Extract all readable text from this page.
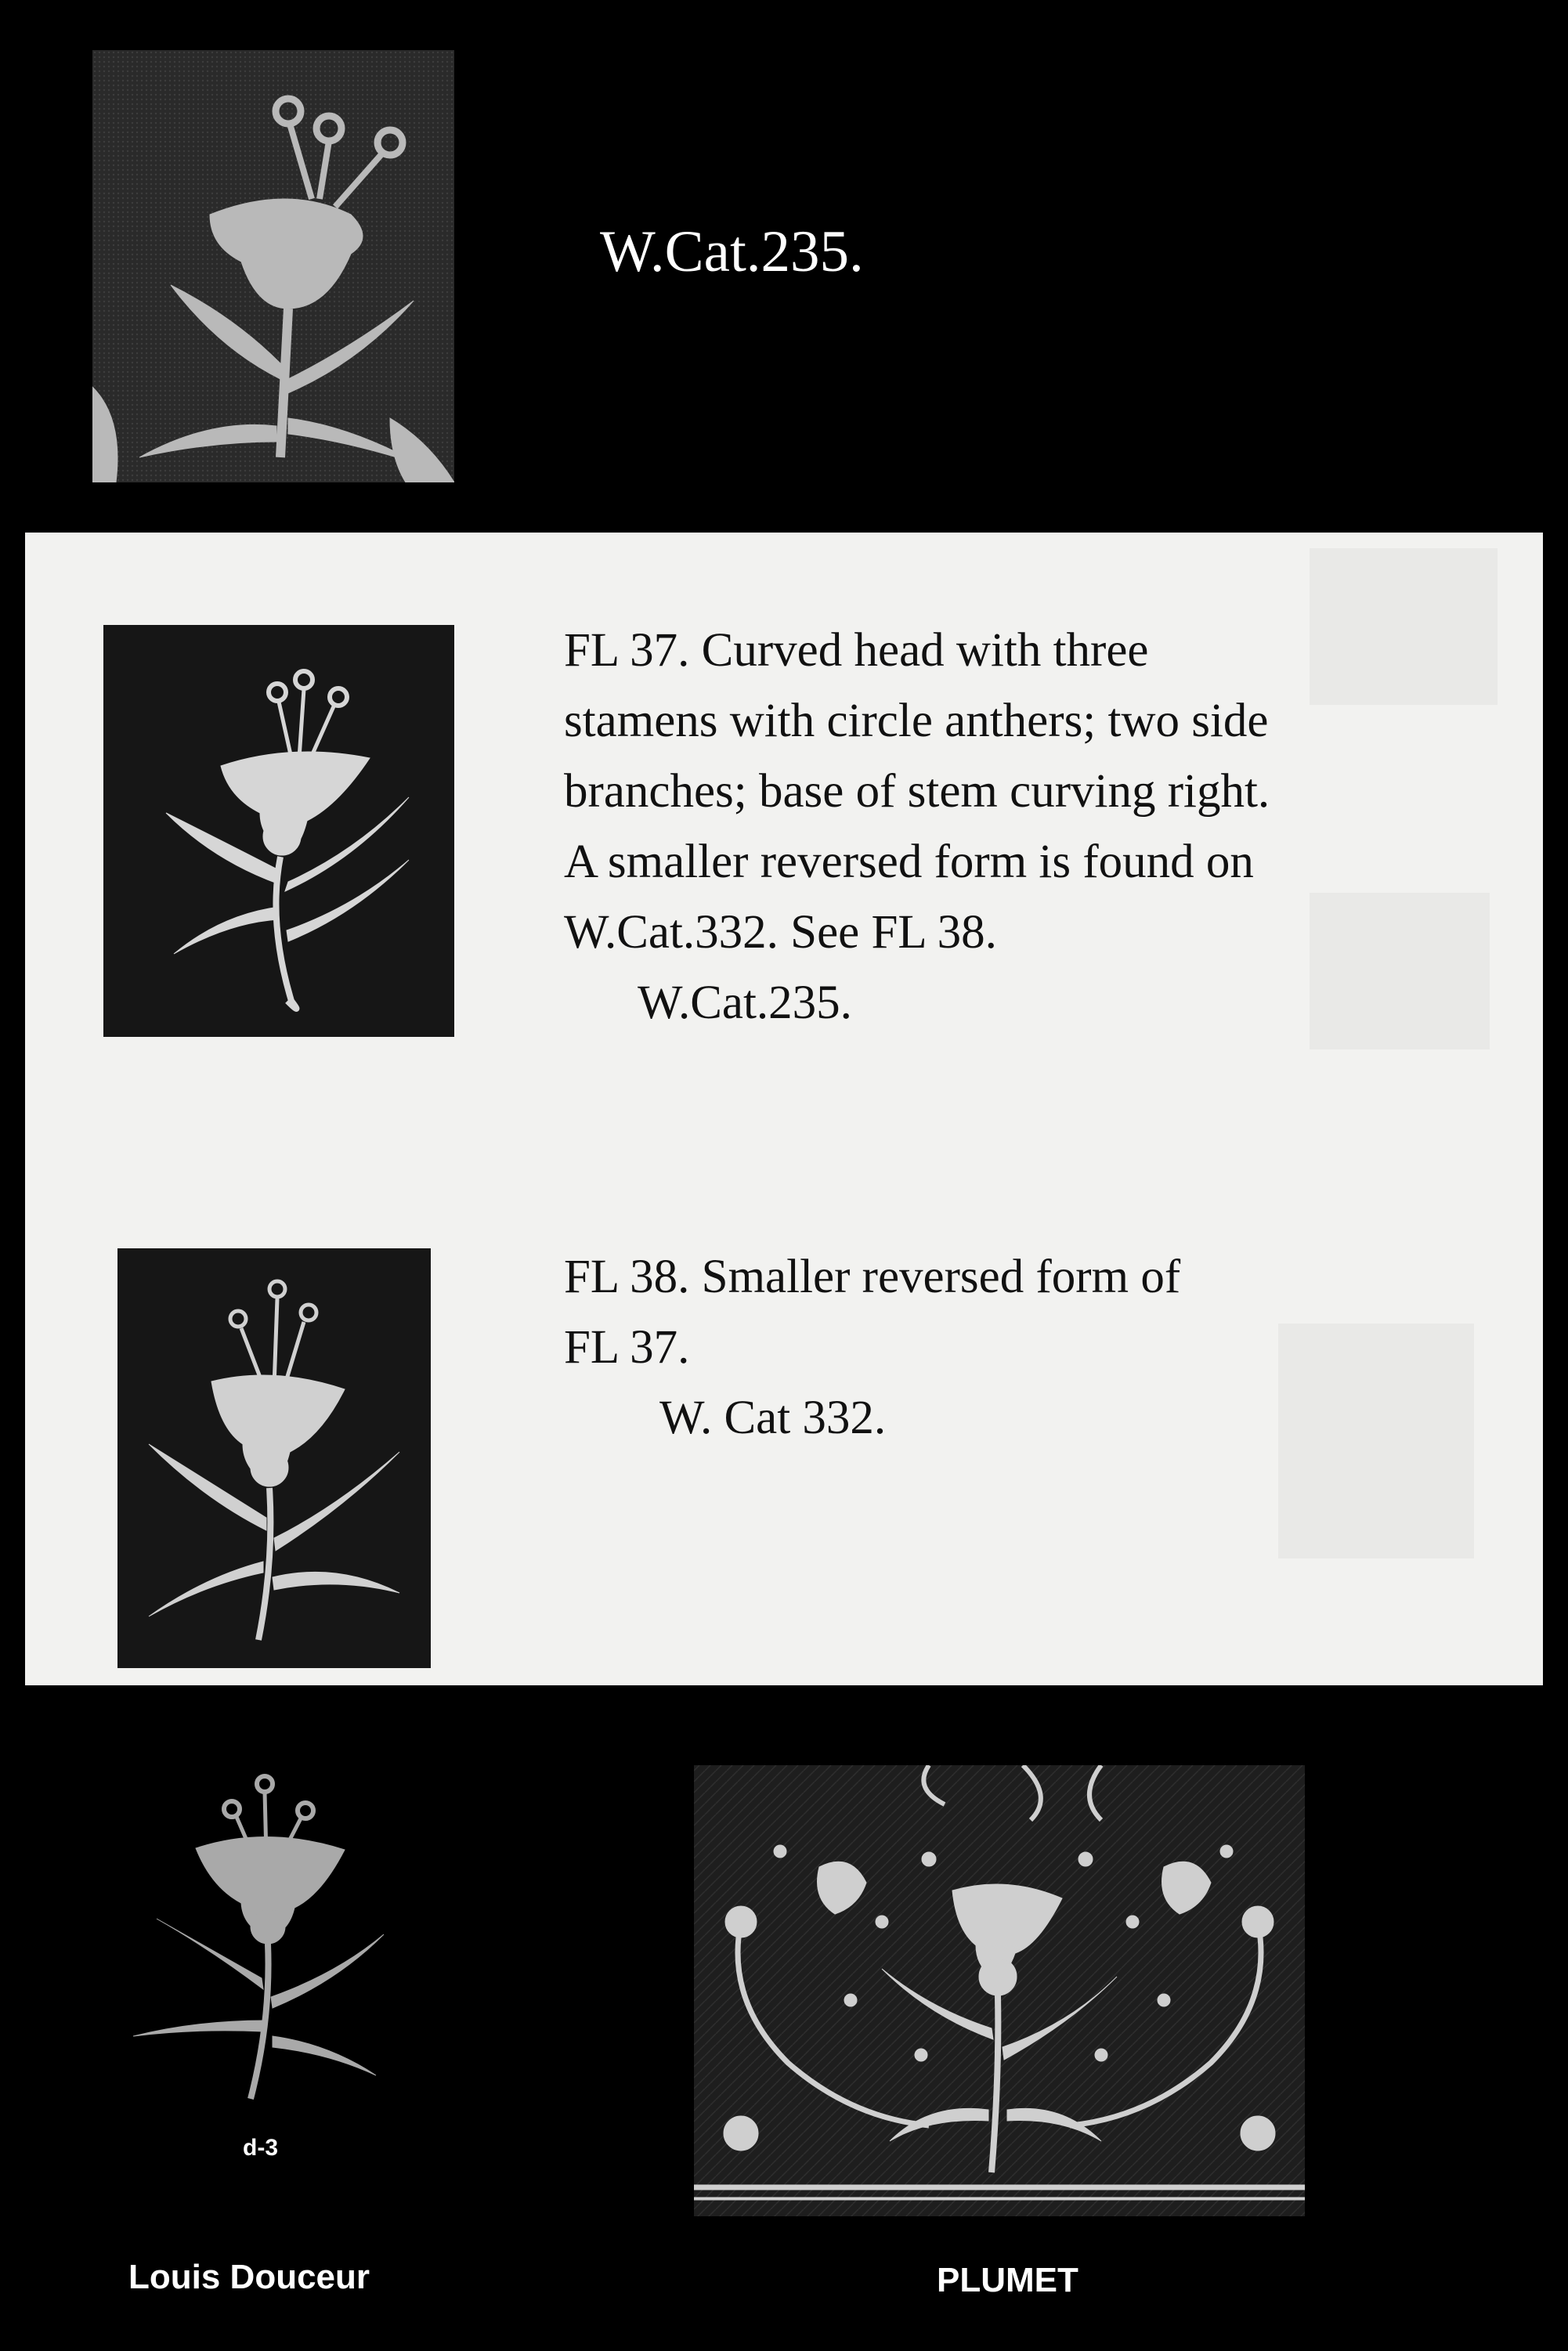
W.Cat.235.
FL 37. Curved head with three
stamens with circle anthers; two side
branches; base of stem curving right.
A smaller reversed form is found on
W.Cat.332. See FL 38.
W.Cat.235.
FL 38. Smaller reversed form of
FL 37.
W. Cat 332.
d-3
Louis Douceur	PLUMET
